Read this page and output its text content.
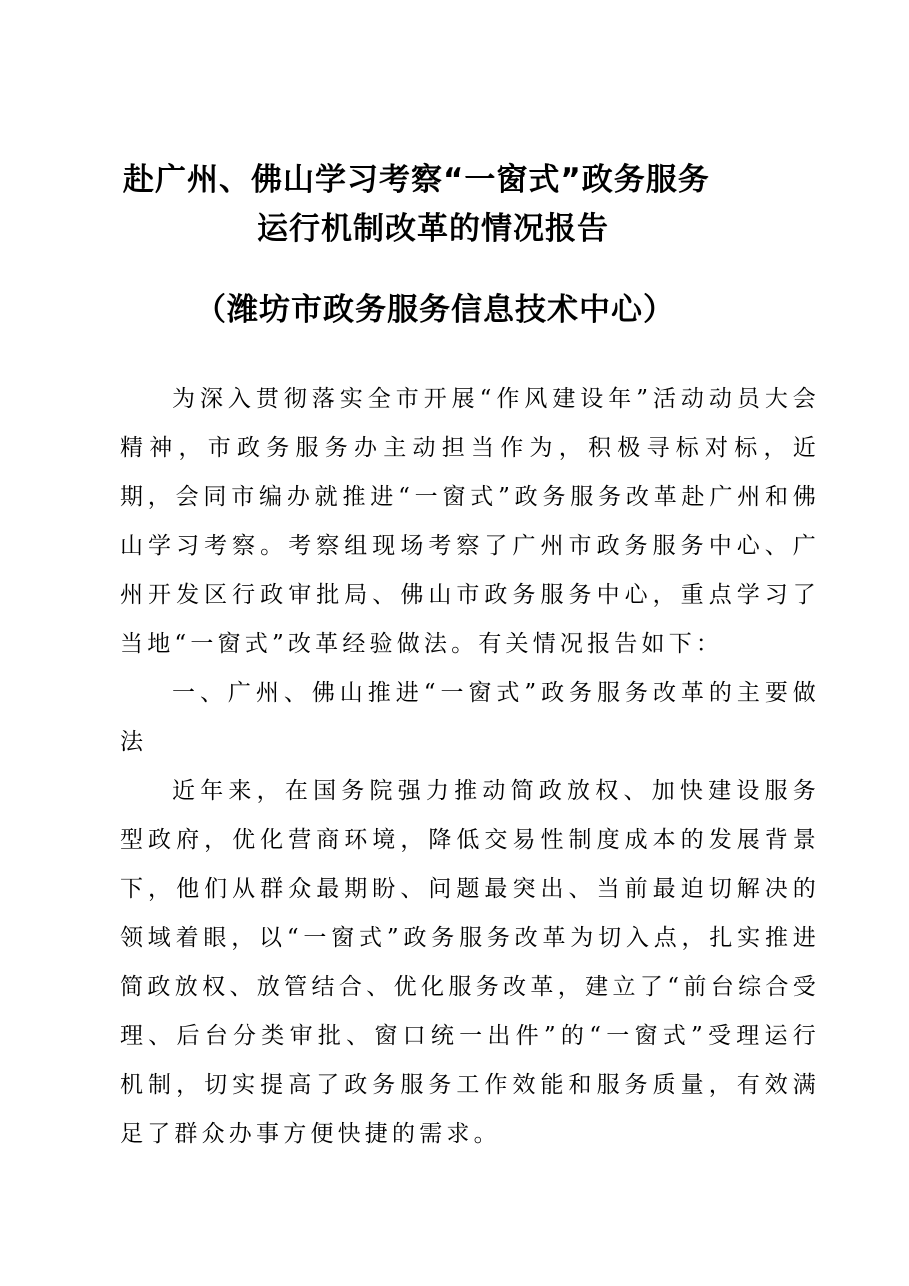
赴广州、佛山学习考察“一窗式”政务服务
运行机制改革的情况报告
（潍坊市政务服务信息技术中心）

为深入贯彻落实全市开展“作风建设年”活动动员大会精神，市政务服务办主动担当作为，积极寻标对标，近期，会同市编办就推进“一窗式”政务服务改革赴广州和佛山学习考察。考察组现场考察了广州市政务服务中心、广州开发区行政审批局、佛山市政务服务中心，重点学习了当地“一窗式”改革经验做法。有关情况报告如下：

一、广州、佛山推进“一窗式”政务服务改革的主要做法

近年来，在国务院强力推动简政放权、加快建设服务型政府，优化营商环境，降低交易性制度成本的发展背景下，他们从群众最期盼、问题最突出、当前最迫切解决的领域着眼，以“一窗式”政务服务改革为切入点，扎实推进简政放权、放管结合、优化服务改革，建立了“前台综合受理、后台分类审批、窗口统一出件”的“一窗式”受理运行机制，切实提高了政务服务工作效能和服务质量，有效满足了群众办事方便快捷的需求。
